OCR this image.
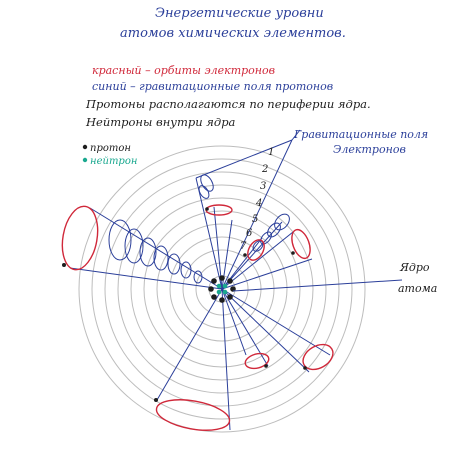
1
2
3
4
5
6
7
Энергетические уровни
атомов химических элементов.
красный – орбиты электронов
синий – гравитационные поля протонов
Протоны располагаются по периферии ядра.
Нейтроны внутри ядра
протон
нейтрон
Гравитационные поля
Электронов
Ядро
атома
